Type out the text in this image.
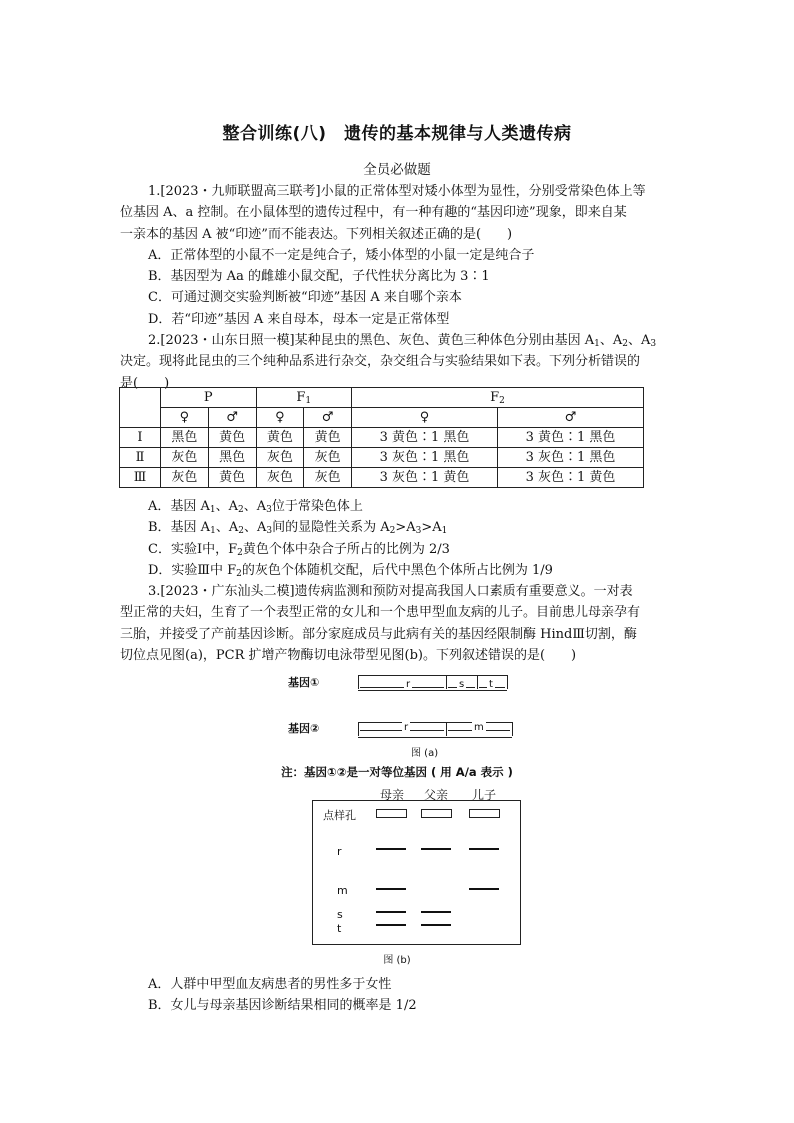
整合训练(八)　遗传的基本规律与人类遗传病
全员必做题
1.[2023・九师联盟高三联考]小鼠的正常体型对矮小体型为显性，分别受常染色体上等
位基因 A、a 控制。在小鼠体型的遗传过程中，有一种有趣的“基因印迹”现象，即来自某
一亲本的基因 A 被“印迹”而不能表达。下列相关叙述正确的是(　　)
A．正常体型的小鼠不一定是纯合子，矮小体型的小鼠一定是纯合子
B．基因型为 Aa 的雌雄小鼠交配，子代性状分离比为 3∶1
C．可通过测交实验判断被“印迹”基因 A 来自哪个亲本
D．若“印迹”基因 A 来自母本，母本一定是正常体型
2.[2023・山东日照一模]某种昆虫的黑色、灰色、黄色三种体色分别由基因 $A_1$、$A_2$、$A_3$
决定。现将此昆虫的三个纯种品系进行杂交，杂交组合与实验结果如下表。下列分析错误的
是(　　)
	P		$F_1$		$F_2$
	♀	♂	♀	♂	♀	♂
Ⅰ	黑色	黄色	黄色	黄色	3 黄色∶1 黑色	3 黄色∶1 黑色
Ⅱ	灰色	黑色	灰色	灰色	3 灰色∶1 黑色	3 灰色∶1 黑色
Ⅲ	灰色	黄色	灰色	灰色	3 灰色∶1 黄色	3 灰色∶1 黄色
A．基因 $A_1$、$A_2$、$A_3$位于常染色体上
B．基因 $A_1$、$A_2$、$A_3$间的显隐性关系为 $A_2>A_3>A_1$
C．实验Ⅰ中，$F_2$黄色个体中杂合子所占的比例为 2/3
D．实验Ⅲ中 $F_2$的灰色个体随机交配，后代中黑色个体所占比例为 1/9
3.[2023・广东汕头二模]遗传病监测和预防对提高我国人口素质有重要意义。一对表
型正常的夫妇，生育了一个表型正常的女儿和一个患甲型血友病的儿子。目前患儿母亲孕有
三胎，并接受了产前基因诊断。部分家庭成员与此病有关的基因经限制酶 HindⅢ切割，酶
切位点见图(a)，PCR 扩增产物酶切电泳带型见图(b)。下列叙述错误的是(　　)
基因①	r	s t
基因②	r	m
图 (a)
注：基因①②是一对等位基因 ( 用 A/a 表示 )
母亲 父亲 儿子
点样孔
r
m
s
t
图 (b)
A．人群中甲型血友病患者的男性多于女性
B．女儿与母亲基因诊断结果相同的概率是 1/2
